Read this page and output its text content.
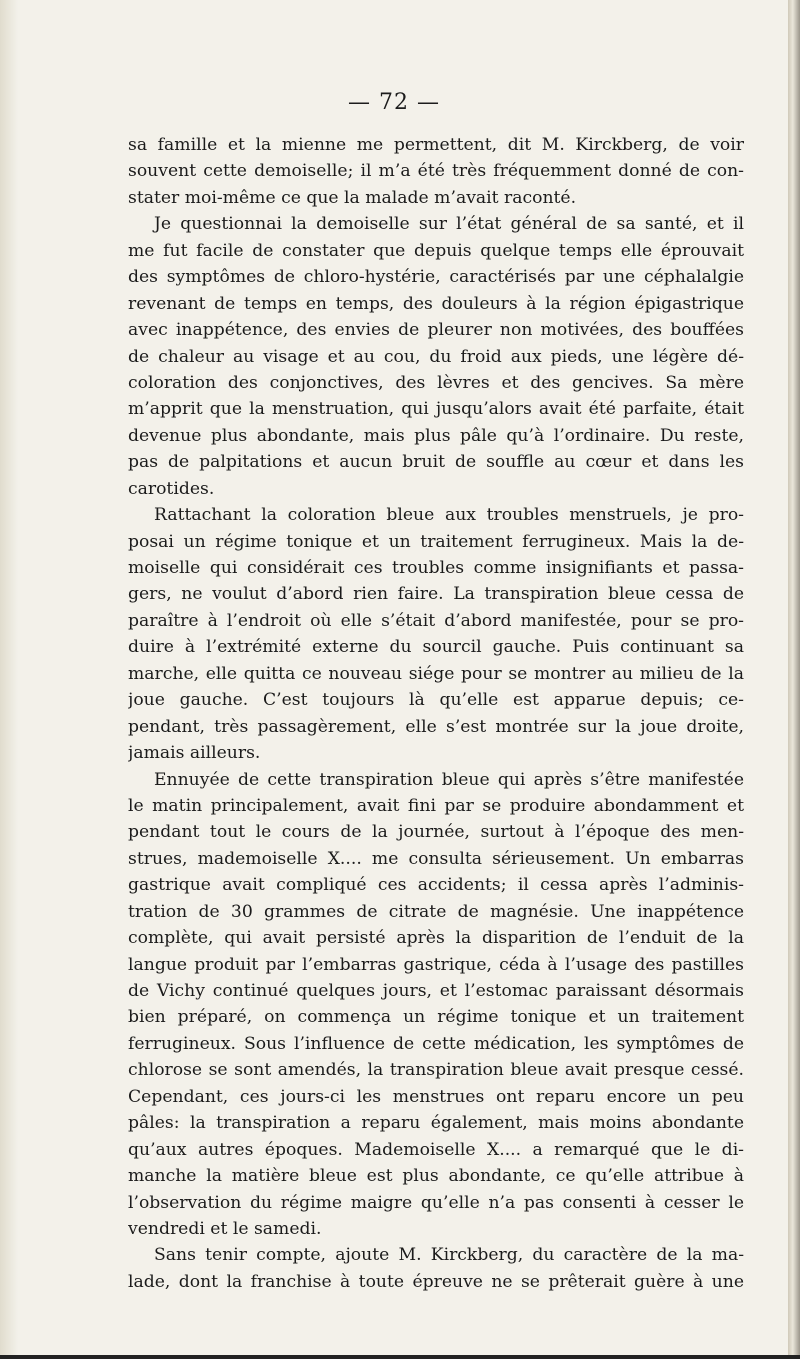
— 72 —
sa famille et la mienne me permettent, dit M. Kirckberg, de voir
souvent cette demoiselle; il m’a été très fréquemment donné de con-
stater moi-même ce que la malade m’avait raconté.
Je questionnai la demoiselle sur l’état général de sa santé, et il
me fut facile de constater que depuis quelque temps elle éprouvait
des symptômes de chloro-hystérie, caractérisés par une céphalalgie
revenant de temps en temps, des douleurs à la région épigastrique
avec inappétence, des envies de pleurer non motivées, des bouffées
de chaleur au visage et au cou, du froid aux pieds, une légère dé-
coloration des conjonctives, des lèvres et des gencives. Sa mère
m’apprit que la menstruation, qui jusqu’alors avait été parfaite, était
devenue plus abondante, mais plus pâle qu’à l’ordinaire. Du reste,
pas de palpitations et aucun bruit de souffle au cœur et dans les
carotides.
Rattachant la coloration bleue aux troubles menstruels, je pro-
posai un régime tonique et un traitement ferrugineux. Mais la de-
moiselle qui considérait ces troubles comme insignifiants et passa-
gers, ne voulut d’abord rien faire. La transpiration bleue cessa de
paraître à l’endroit où elle s’était d’abord manifestée, pour se pro-
duire à l’extrémité externe du sourcil gauche. Puis continuant sa
marche, elle quitta ce nouveau siége pour se montrer au milieu de la
joue gauche. C’est toujours là qu’elle est apparue depuis; ce-
pendant, très passagèrement, elle s’est montrée sur la joue droite,
jamais ailleurs.
Ennuyée de cette transpiration bleue qui après s’être manifestée
le matin principalement, avait fini par se produire abondamment et
pendant tout le cours de la journée, surtout à l’époque des men-
strues, mademoiselle X.... me consulta sérieusement. Un embarras
gastrique avait compliqué ces accidents; il cessa après l’adminis-
tration de 30 grammes de citrate de magnésie. Une inappétence
complète, qui avait persisté après la disparition de l’enduit de la
langue produit par l’embarras gastrique, céda à l’usage des pastilles
de Vichy continué quelques jours, et l’estomac paraissant désormais
bien préparé, on commença un régime tonique et un traitement
ferrugineux. Sous l’influence de cette médication, les symptômes de
chlorose se sont amendés, la transpiration bleue avait presque cessé.
Cependant, ces jours-ci les menstrues ont reparu encore un peu
pâles: la transpiration a reparu également, mais moins abondante
qu’aux autres époques. Mademoiselle X.... a remarqué que le di-
manche la matière bleue est plus abondante, ce qu’elle attribue à
l’observation du régime maigre qu’elle n’a pas consenti à cesser le
vendredi et le samedi.
Sans tenir compte, ajoute M. Kirckberg, du caractère de la ma-
lade, dont la franchise à toute épreuve ne se prêterait guère à une
